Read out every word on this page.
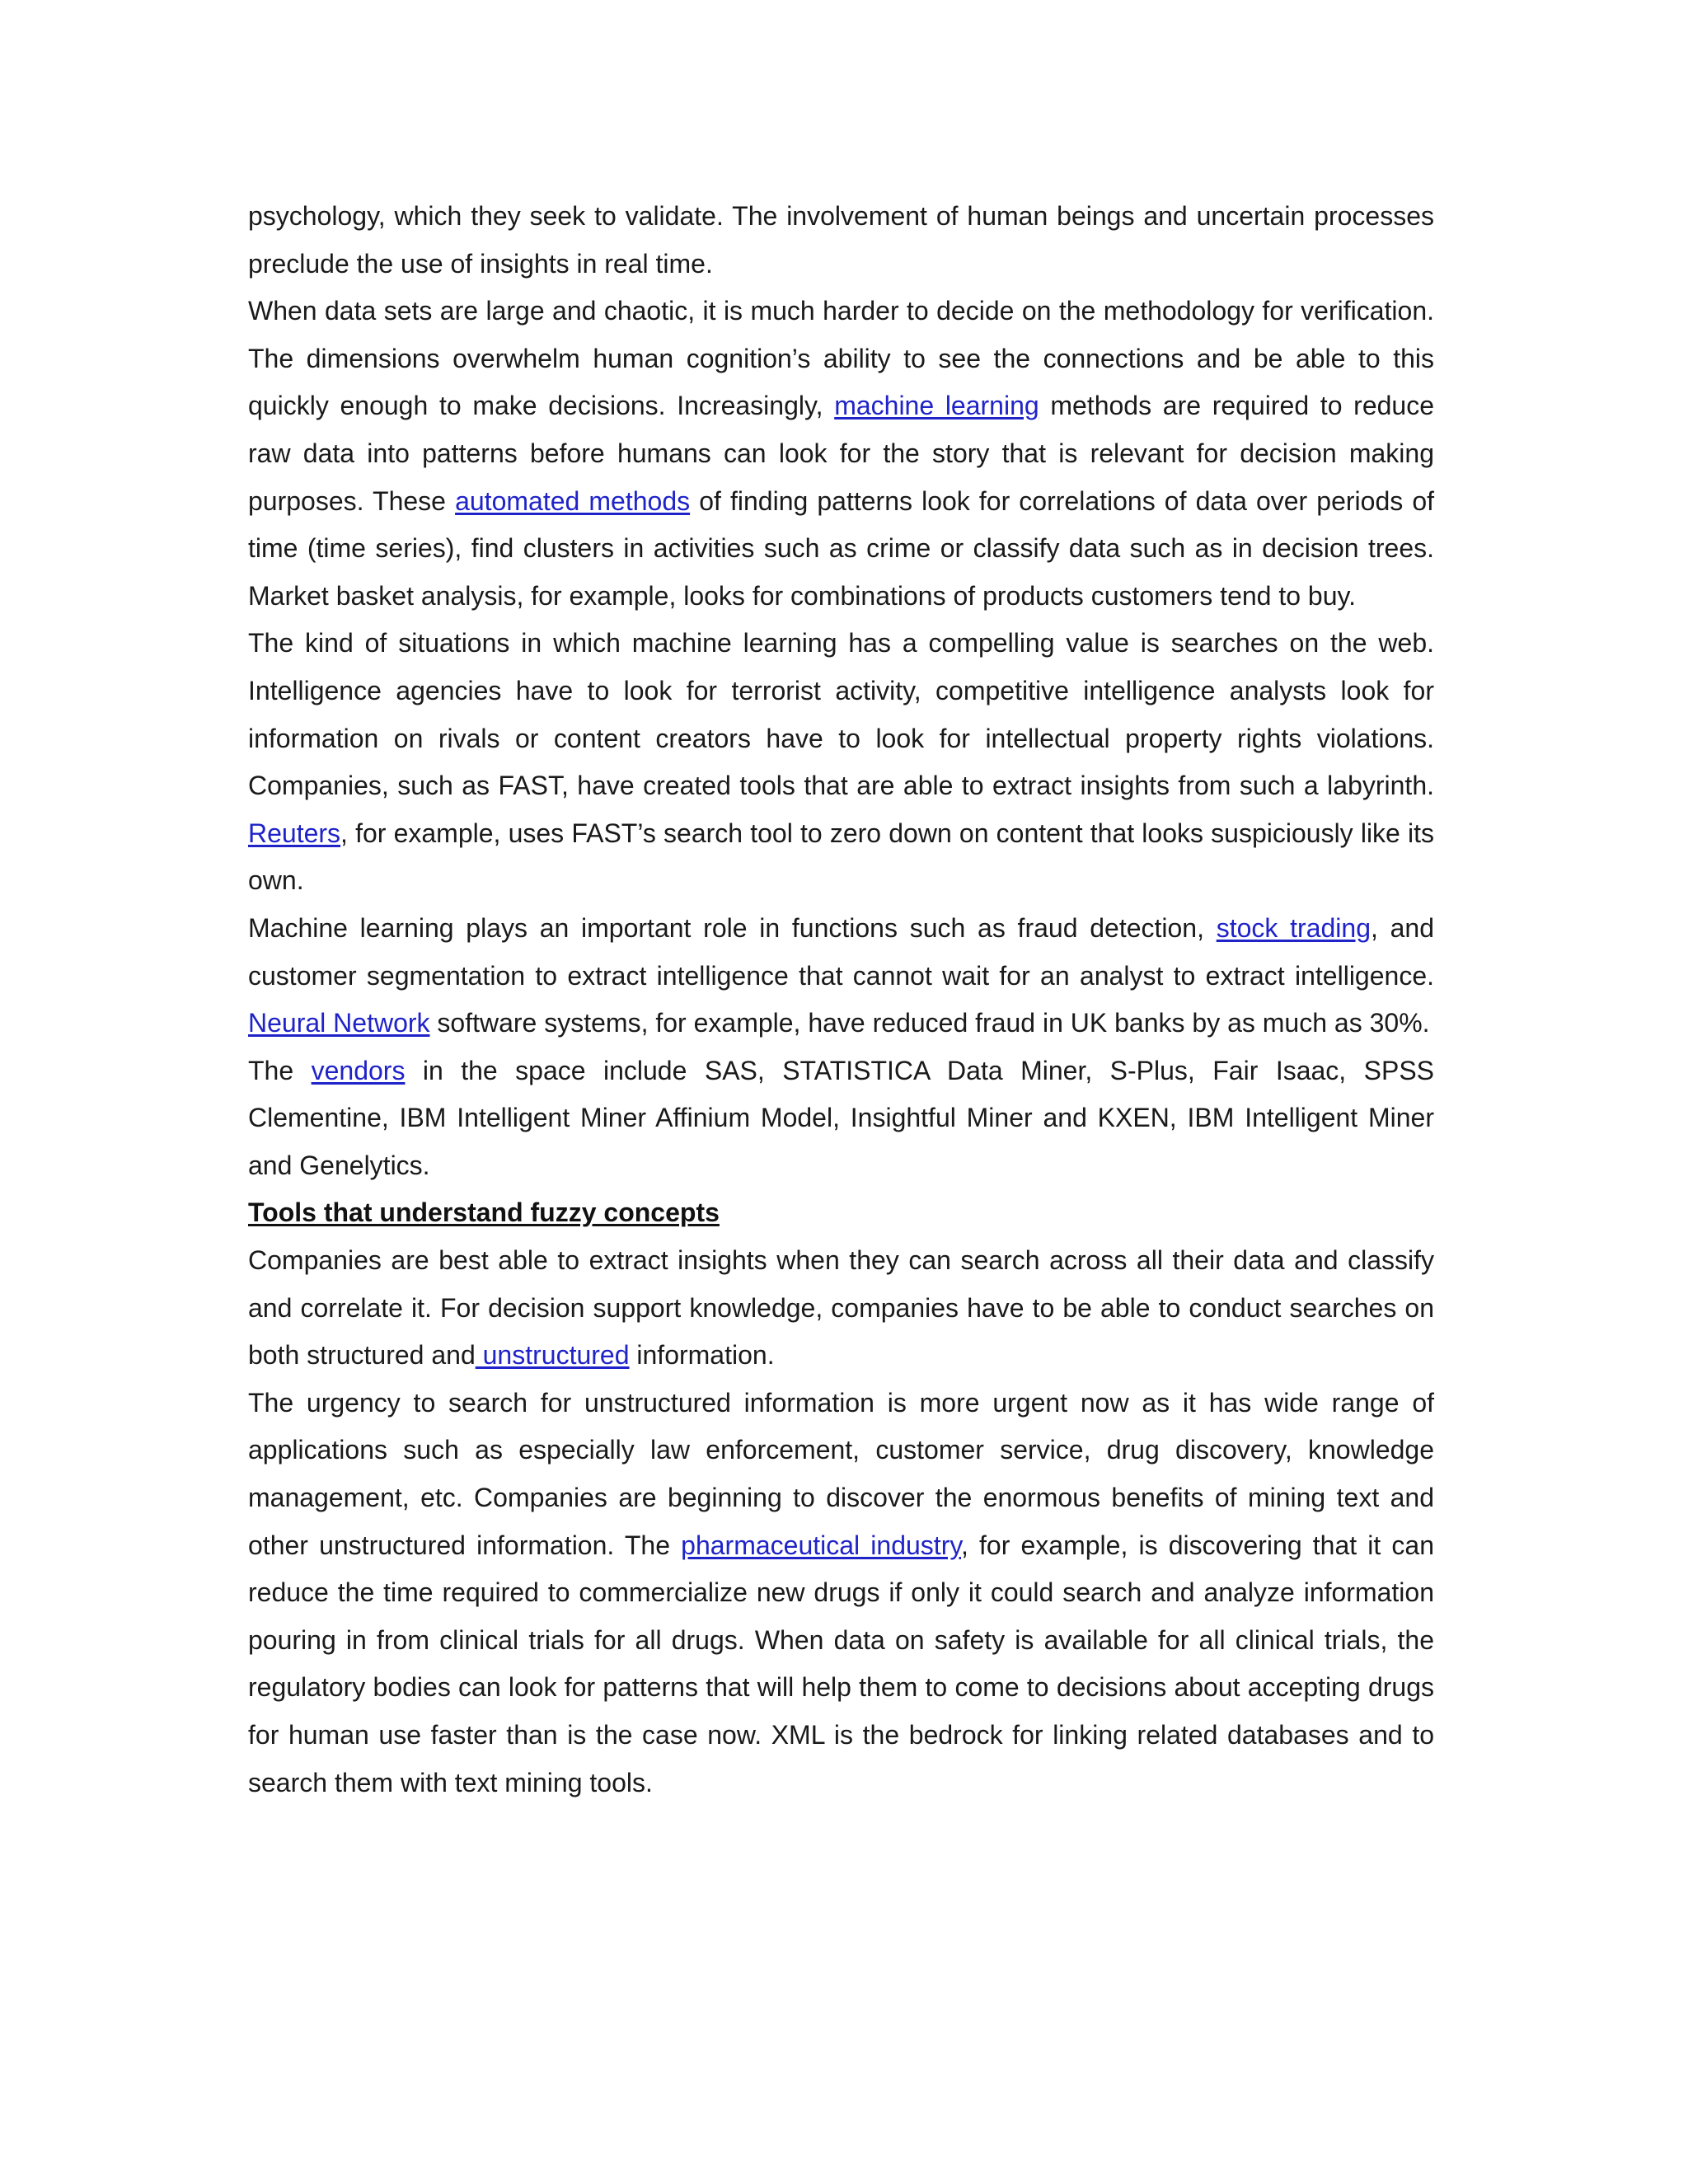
psychology, which they seek to validate. The involvement of human beings and uncertain processes preclude the use of insights in real time.

When data sets are large and chaotic, it is much harder to decide on the methodology for verification. The dimensions overwhelm human cognition’s ability to see the connections and be able to this quickly enough to make decisions. Increasingly, machine learning methods are required to reduce raw data into patterns before humans can look for the story that is relevant for decision making purposes. These automated methods of finding patterns look for correlations of data over periods of time (time series), find clusters in activities such as crime or classify data such as in decision trees. Market basket analysis, for example, looks for combinations of products customers tend to buy.

The kind of situations in which machine learning has a compelling value is searches on the web. Intelligence agencies have to look for terrorist activity, competitive intelligence analysts look for information on rivals or content creators have to look for intellectual property rights violations. Companies, such as FAST, have created tools that are able to extract insights from such a labyrinth. Reuters, for example, uses FAST’s search tool to zero down on content that looks suspiciously like its own.

Machine learning plays an important role in functions such as fraud detection, stock trading, and customer segmentation to extract intelligence that cannot wait for an analyst to extract intelligence. Neural Network software systems, for example, have reduced fraud in UK banks by as much as 30%.

The vendors in the space include SAS, STATISTICA Data Miner, S-Plus, Fair Isaac, SPSS Clementine, IBM Intelligent Miner Affinium Model, Insightful Miner and KXEN, IBM Intelligent Miner and Genelytics.

Tools that understand fuzzy concepts

Companies are best able to extract insights when they can search across all their data and classify and correlate it. For decision support knowledge, companies have to be able to conduct searches on both structured and unstructured information.

The urgency to search for unstructured information is more urgent now as it has wide range of applications such as especially law enforcement, customer service, drug discovery, knowledge management, etc. Companies are beginning to discover the enormous benefits of mining text and other unstructured information. The pharmaceutical industry, for example, is discovering that it can reduce the time required to commercialize new drugs if only it could search and analyze information pouring in from clinical trials for all drugs. When data on safety is available for all clinical trials, the regulatory bodies can look for patterns that will help them to come to decisions about accepting drugs for human use faster than is the case now. XML is the bedrock for linking related databases and to search them with text mining tools.
